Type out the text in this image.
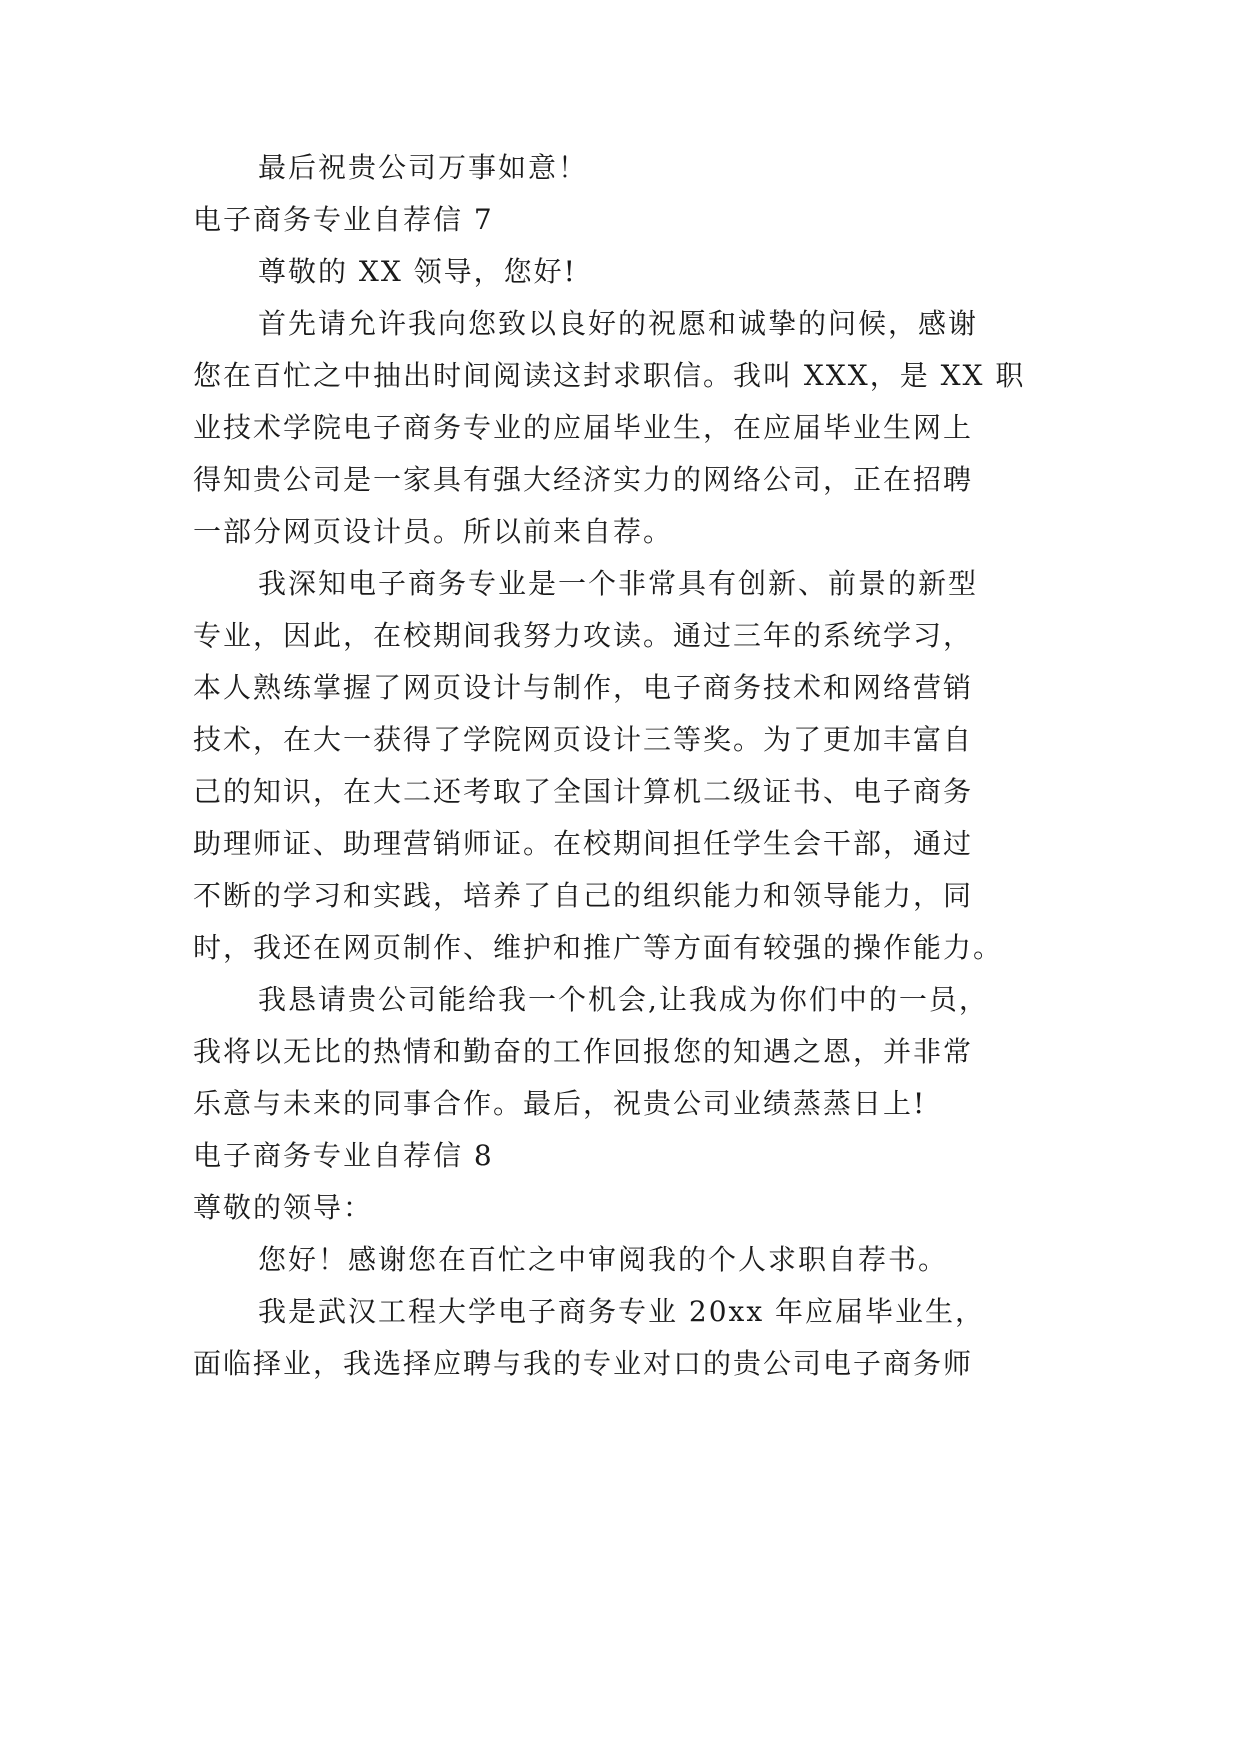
最后祝贵公司万事如意！
电子商务专业自荐信 7
尊敬的 XX 领导，您好!
首先请允许我向您致以良好的祝愿和诚挚的问候，感谢
您在百忙之中抽出时间阅读这封求职信。我叫 XXX，是 XX 职
业技术学院电子商务专业的应届毕业生，在应届毕业生网上
得知贵公司是一家具有强大经济实力的网络公司，正在招聘
一部分网页设计员。所以前来自荐。
我深知电子商务专业是一个非常具有创新、前景的新型
专业，因此，在校期间我努力攻读。通过三年的系统学习，
本人熟练掌握了网页设计与制作，电子商务技术和网络营销
技术，在大一获得了学院网页设计三等奖。为了更加丰富自
己的知识，在大二还考取了全国计算机二级证书、电子商务
助理师证、助理营销师证。在校期间担任学生会干部，通过
不断的学习和实践，培养了自己的组织能力和领导能力，同
时，我还在网页制作、维护和推广等方面有较强的操作能力。
我恳请贵公司能给我一个机会,让我成为你们中的一员，
我将以无比的热情和勤奋的工作回报您的知遇之恩，并非常
乐意与未来的同事合作。最后，祝贵公司业绩蒸蒸日上!
电子商务专业自荐信 8
尊敬的领导：
您好！感谢您在百忙之中审阅我的个人求职自荐书。
我是武汉工程大学电子商务专业 20xx 年应届毕业生，
面临择业，我选择应聘与我的专业对口的贵公司电子商务师
